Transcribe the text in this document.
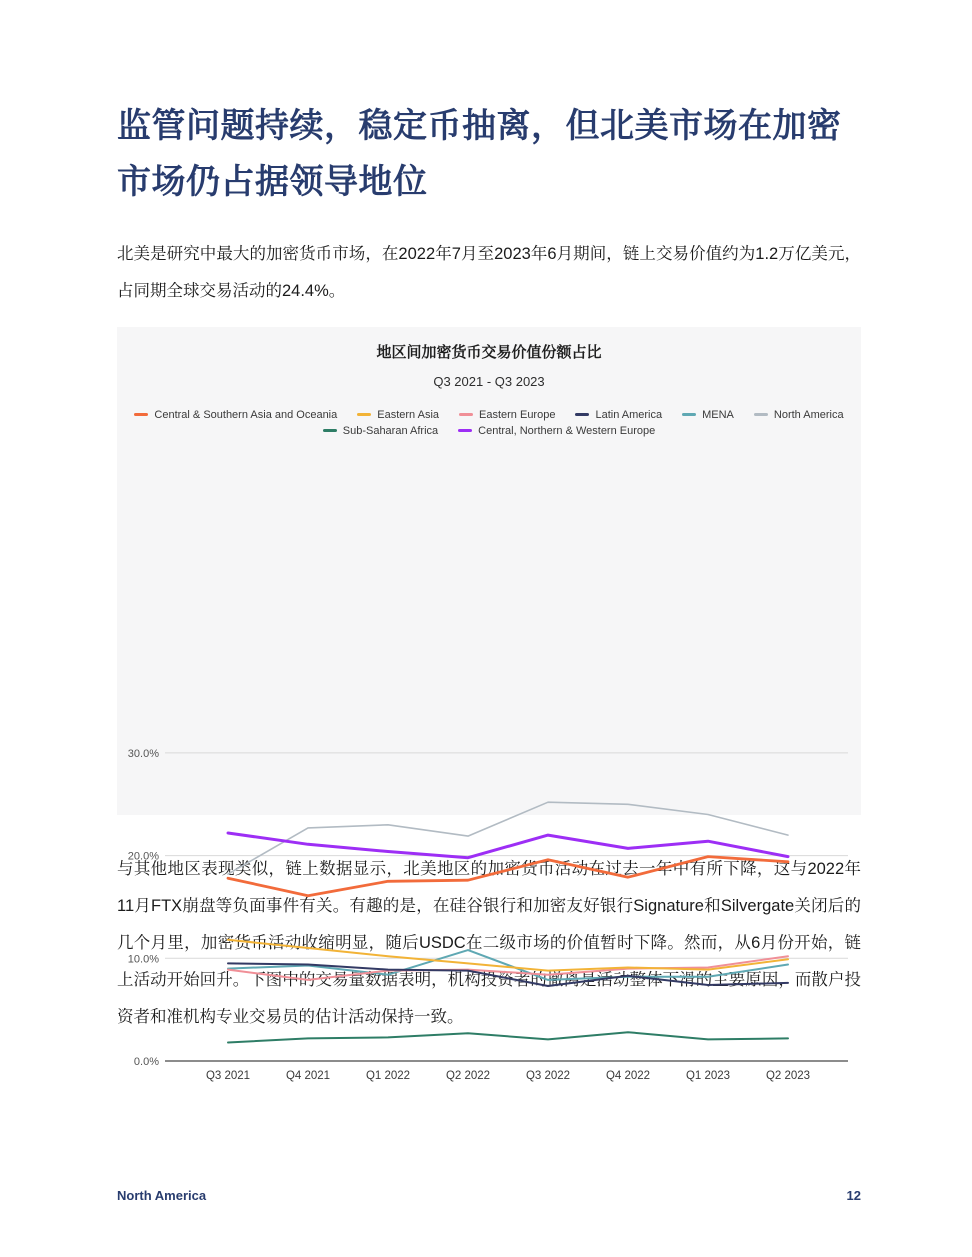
监管问题持续，稳定币抽离，但北美市场在加密市场仍占据领导地位

北美是研究中最大的加密货币市场，在2022年7月至2023年6月期间，链上交易价值约为1.2万亿美元，占同期全球交易活动的24.4%。

地区间加密货币交易价值份额占比
Q3 2021 - Q3 2023
Central & Southern Asia and Oceania	Eastern Asia	Eastern Europe	Latin America	MENA	North America
Sub-Saharan Africa	Central, Northern & Western Europe
0.0%
10.0%
20.0%
30.0%
Q3 2021	Q4 2021	Q1 2022	Q2 2022	Q3 2022	Q4 2022	Q1 2023	Q2 2023

与其他地区表现类似，链上数据显示，北美地区的加密货币活动在过去一年中有所下降，这与2022年11月FTX崩盘等负面事件有关。有趣的是，在硅谷银行和加密友好银行Signature和Silvergate关闭后的几个月里，加密货币活动收缩明显，随后USDC在二级市场的价值暂时下降。然而，从6月份开始，链上活动开始回升。下图中的交易量数据表明，机构投资者的撤离是活动整体下滑的主要原因，而散户投资者和准机构专业交易员的估计活动保持一致。

North America	12
